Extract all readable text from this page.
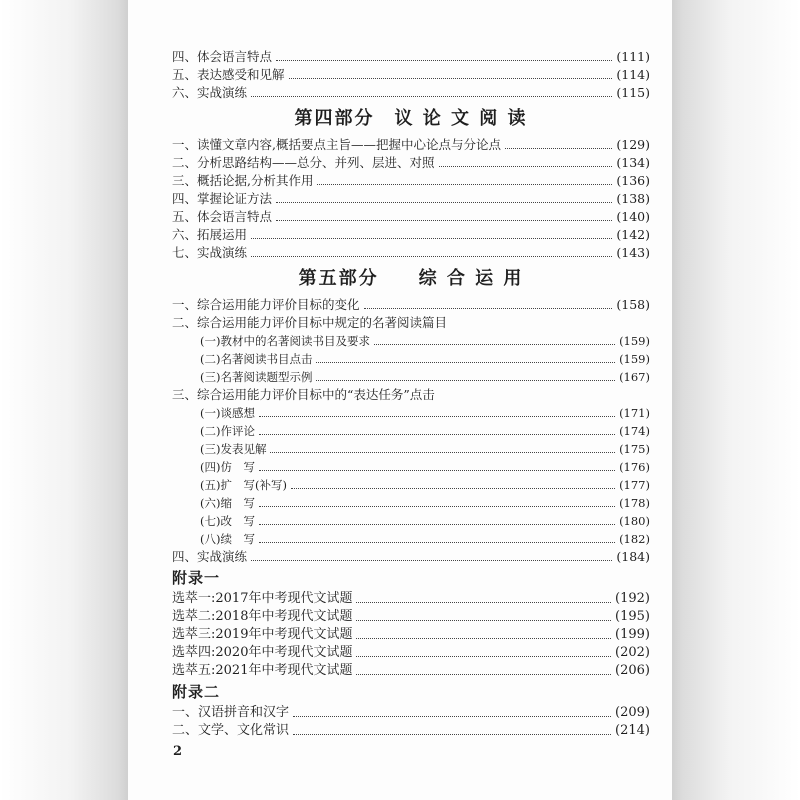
四、体会语言特点	(111)
五、表达感受和见解	(114)
六、实战演练	(115)
第四部分　议 论 文 阅 读
一、读懂文章内容,概括要点主旨——把握中心论点与分论点	(129)
二、分析思路结构——总分、并列、层进、对照	(134)
三、概括论据,分析其作用	(136)
四、掌握论证方法	(138)
五、体会语言特点	(140)
六、拓展运用	(142)
七、实战演练	(143)
第五部分　　综 合 运 用
一、综合运用能力评价目标的变化	(158)
二、综合运用能力评价目标中规定的名著阅读篇目
(一)教材中的名著阅读书目及要求	(159)
(二)名著阅读书目点击	(159)
(三)名著阅读题型示例	(167)
三、综合运用能力评价目标中的“表达任务”点击
(一)谈感想	(171)
(二)作评论	(174)
(三)发表见解	(175)
(四)仿　写	(176)
(五)扩　写(补写)	(177)
(六)缩　写	(178)
(七)改　写	(180)
(八)续　写	(182)
四、实战演练	(184)
附录一
选萃一:2017年中考现代文试题	(192)
选萃二:2018年中考现代文试题	(195)
选萃三:2019年中考现代文试题	(199)
选萃四:2020年中考现代文试题	(202)
选萃五:2021年中考现代文试题	(206)
附录二
一、汉语拼音和汉字	(209)
二、文学、文化常识	(214)
2
